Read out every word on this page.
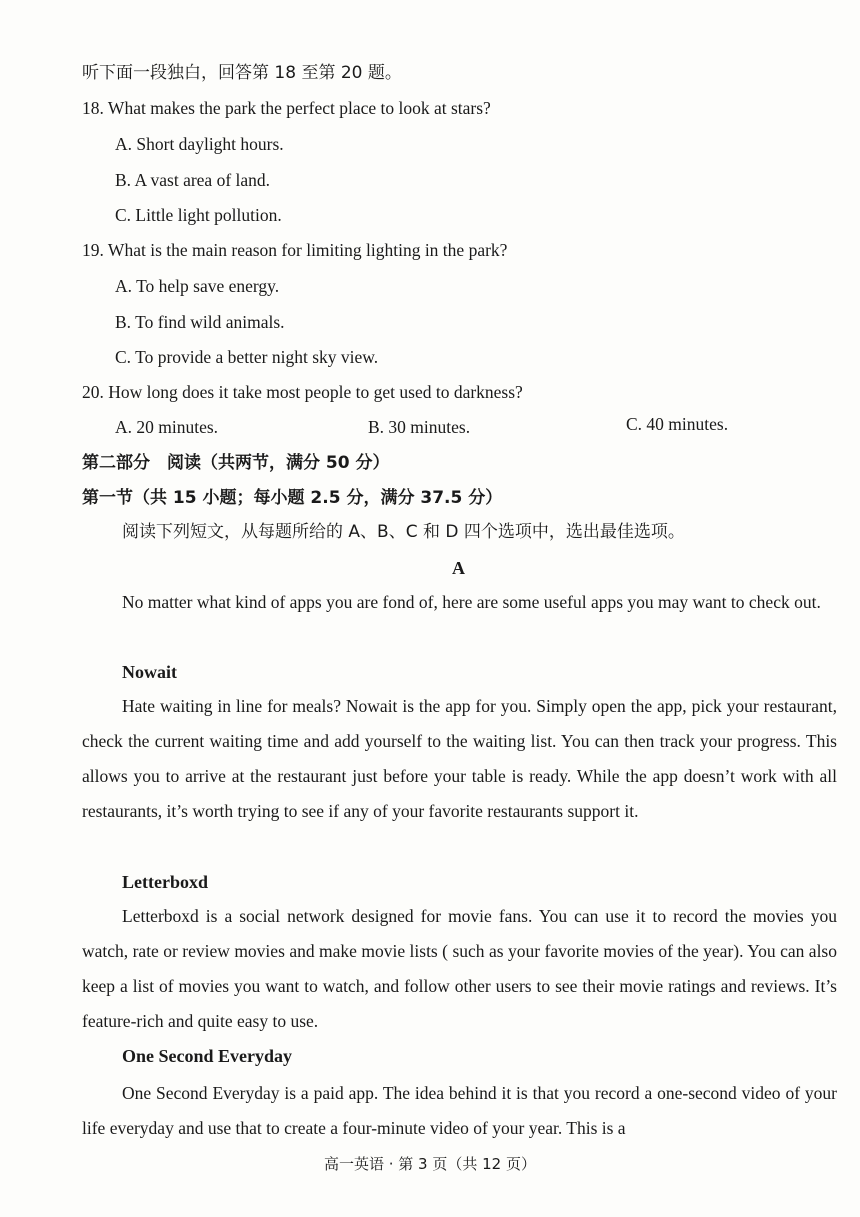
听下面一段独白，回答第 18 至第 20 题。
18. What makes the park the perfect place to look at stars?
A. Short daylight hours.
B. A vast area of land.
C. Little light pollution.
19. What is the main reason for limiting lighting in the park?
A. To help save energy.
B. To find wild animals.
C. To provide a better night sky view.
20. How long does it take most people to get used to darkness?
A. 20 minutes.	B. 30 minutes.	C. 40 minutes.
第二部分　阅读（共两节，满分 50 分）
第一节（共 15 小题；每小题 2.5 分，满分 37.5 分）
阅读下列短文，从每题所给的 A、B、C 和 D 四个选项中，选出最佳选项。
A
No matter what kind of apps you are fond of, here are some useful apps you may want to check out.
Nowait
Hate waiting in line for meals? Nowait is the app for you. Simply open the app, pick your restaurant, check the current waiting time and add yourself to the waiting list. You can then track your progress. This allows you to arrive at the restaurant just before your table is ready. While the app doesn’t work with all restaurants, it’s worth trying to see if any of your favorite restaurants support it.
Letterboxd
Letterboxd is a social network designed for movie fans. You can use it to record the movies you watch, rate or review movies and make movie lists ( such as your favorite movies of the year). You can also keep a list of movies you want to watch, and follow other users to see their movie ratings and reviews. It’s feature-rich and quite easy to use.
One Second Everyday
One Second Everyday is a paid app. The idea behind it is that you record a one-second video of your life everyday and use that to create a four-minute video of your year. This is a
高一英语 · 第 3 页（共 12 页）
